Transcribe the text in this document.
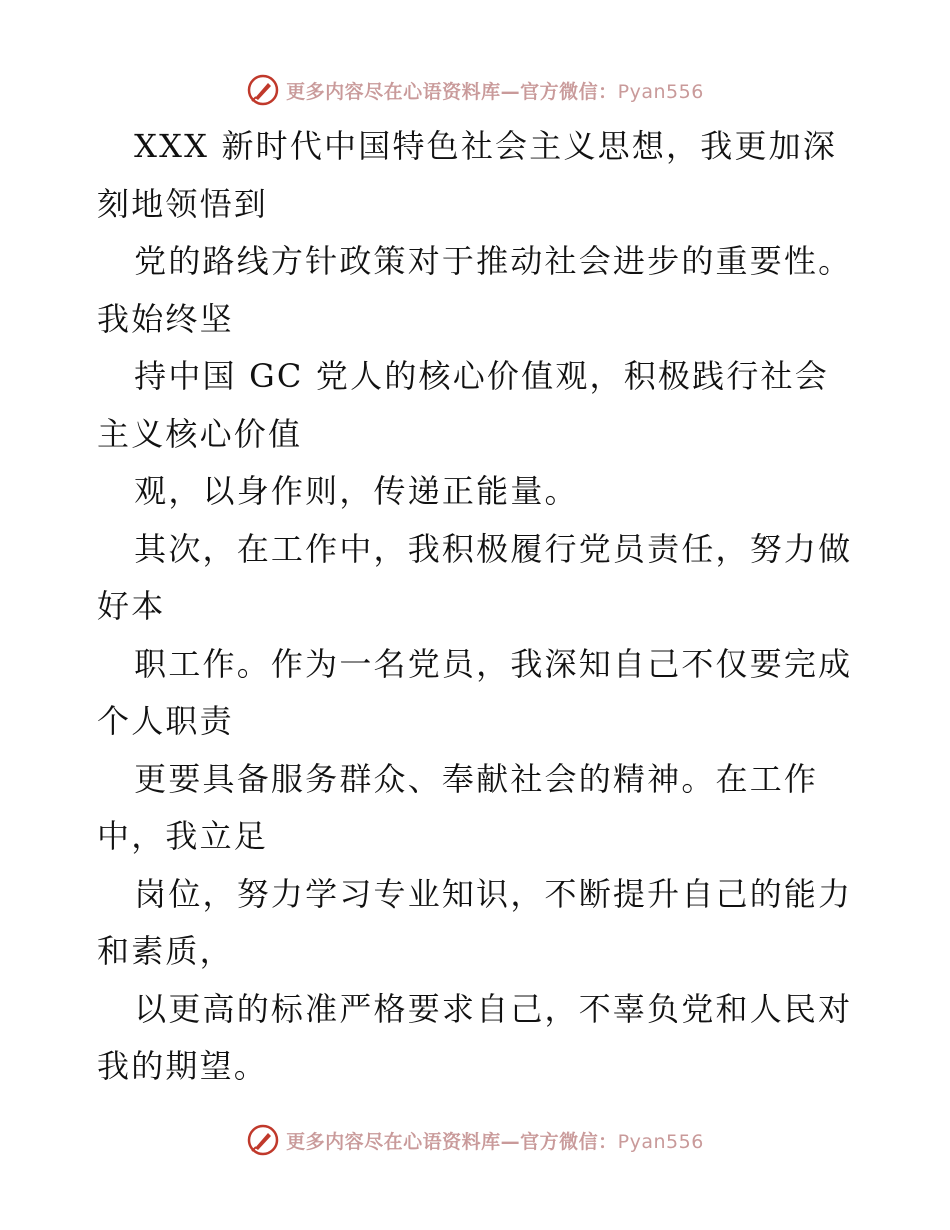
更多内容尽在心语资料库—官方微信：Pyan556

XXX 新时代中国特色社会主义思想，我更加深刻地领悟到

党的路线方针政策对于推动社会进步的重要性。我始终坚

持中国 GC 党人的核心价值观，积极践行社会主义核心价值

观，以身作则，传递正能量。

其次，在工作中，我积极履行党员责任，努力做好本

职工作。作为一名党员，我深知自己不仅要完成个人职责

更要具备服务群众、奉献社会的精神。在工作中，我立足

岗位，努力学习专业知识，不断提升自己的能力和素质，

以更高的标准严格要求自己，不辜负党和人民对我的期望。

更多内容尽在心语资料库—官方微信：Pyan556
